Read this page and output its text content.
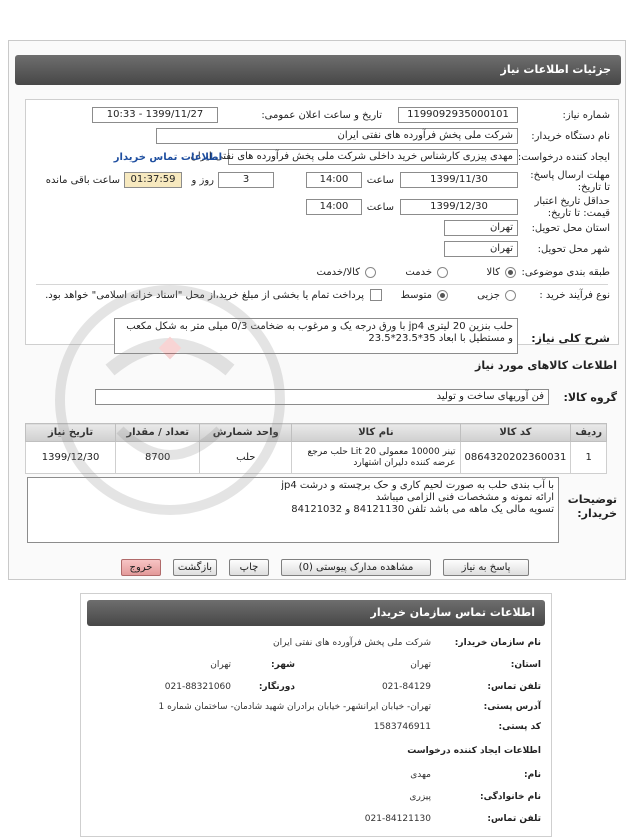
جزئیات اطلاعات نیاز
شماره نیاز:
1199092935000101
تاریخ و ساعت اعلان عمومی:
1399/11/27 - 10:33
نام دستگاه خریدار:
شرکت ملی پخش فرآورده های نفتی ایران
ایجاد کننده درخواست:
مهدی پیزری کارشناس خرید داخلی شرکت ملی پخش فرآورده های نفتی ایران
اطلاعات تماس خریدار
مهلت ارسال پاسخ: تا تاریخ:
1399/11/30
ساعت
14:00
3
روز و
01:37:59
ساعت باقی مانده
حداقل تاریخ اعتبار قیمت: تا تاریخ:
1399/12/30
ساعت
14:00
استان محل تحویل:
تهران
شهر محل تحویل:
تهران
طبقه بندی موضوعی:
کالا
خدمت
کالا/خدمت
نوع فرآیند خرید :
جزیی
متوسط
پرداخت تمام یا بخشی از مبلغ خرید،از محل "اسناد خزانه اسلامی" خواهد بود.
شرح کلی نیاز:
حلب بنزین 20 لیتری jp4 با ورق درجه یک و مرغوب به ضخامت 0/3 میلی متر به شکل مکعب و مستطیل با ابعاد 35*23.5*23.5
اطلاعات کالاهای مورد نیاز
گروه کالا:
فن آوریهای ساخت و تولید
ردیف	کد کالا	نام کالا	واحد شمارش	تعداد / مقدار	تاریخ نیاز
1	0864320202360031	تینر 10000 معمولی 20 Lit حلب مرجع عرضه کننده دلیران اشتهارد	حلب	8700	1399/12/30
توضیحات خریدار:
با آب بندی حلب به صورت لحیم کاری و حک برچسته و درشت jp4
ارائه نمونه و مشخصات فنی الزامی میباشد
تسویه مالی یک ماهه می باشد تلفن 84121130 و 84121032
پاسخ به نیاز
مشاهده مدارک پیوستی (0)
چاپ
بازگشت
خروج
اطلاعات تماس سازمان خریدار
نام سازمان خریدار:
شرکت ملی پخش فرآورده های نفتی ایران
استان:
تهران
شهر:
تهران
تلفن تماس:
021-84129
دورنگار:
021-88321060
آدرس پستی:
تهران- خیابان ایرانشهر- خیابان برادران شهید شادمان- ساختمان شماره 1
کد پستی:
1583746911
اطلاعات ایجاد کننده درخواست
نام:
مهدی
نام خانوادگی:
پیزری
تلفن تماس:
021-84121130
